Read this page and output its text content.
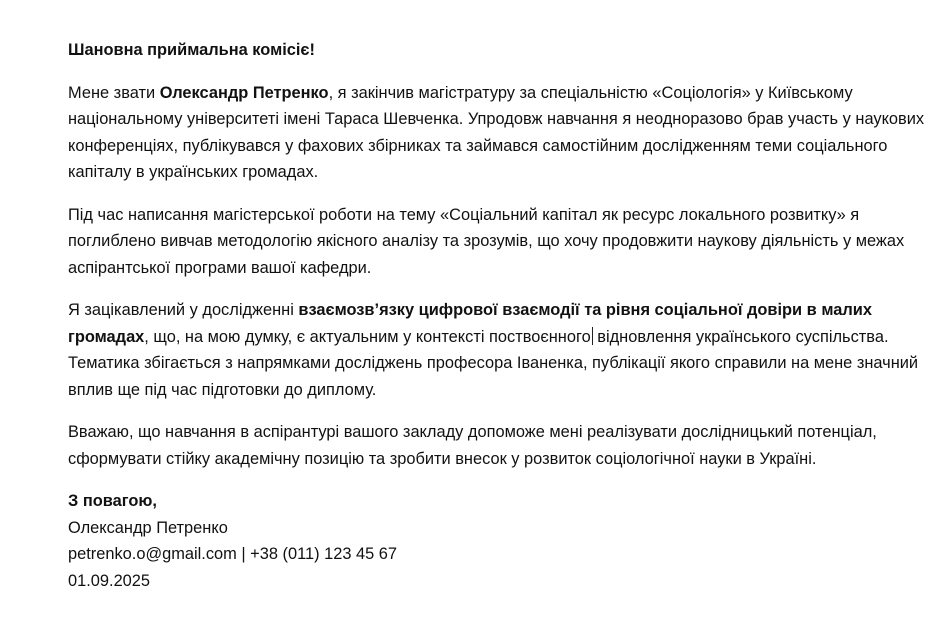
Шановна приймальна комісіє!

Мене звати Олександр Петренко, я закінчив магістратуру за спеціальністю «Соціологія» у Київському національному університеті імені Тараса Шевченка. Упродовж навчання я неодноразово брав участь у наукових конференціях, публікувався у фахових збірниках та займався самостійним дослідженням теми соціального капіталу в українських громадах.

Під час написання магістерської роботи на тему «Соціальний капітал як ресурс локального розвитку» я поглиблено вивчав методологію якісного аналізу та зрозумів, що хочу продовжити наукову діяльність у межах аспірантської програми вашої кафедри.

Я зацікавлений у дослідженні взаємозв’язку цифрової взаємодії та рівня соціальної довіри в малих громадах, що, на мою думку, є актуальним у контексті поствоєнного відновлення українського суспільства. Тематика збігається з напрямками досліджень професора Іваненка, публікації якого справили на мене значний вплив ще під час підготовки до диплому.

Вважаю, що навчання в аспірантурі вашого закладу допоможе мені реалізувати дослідницький потенціал, сформувати стійку академічну позицію та зробити внесок у розвиток соціологічної науки в Україні.

З повагою,

Олександр Петренко

petrenko.o@gmail.com | +38 (011) 123 45 67

01.09.2025
